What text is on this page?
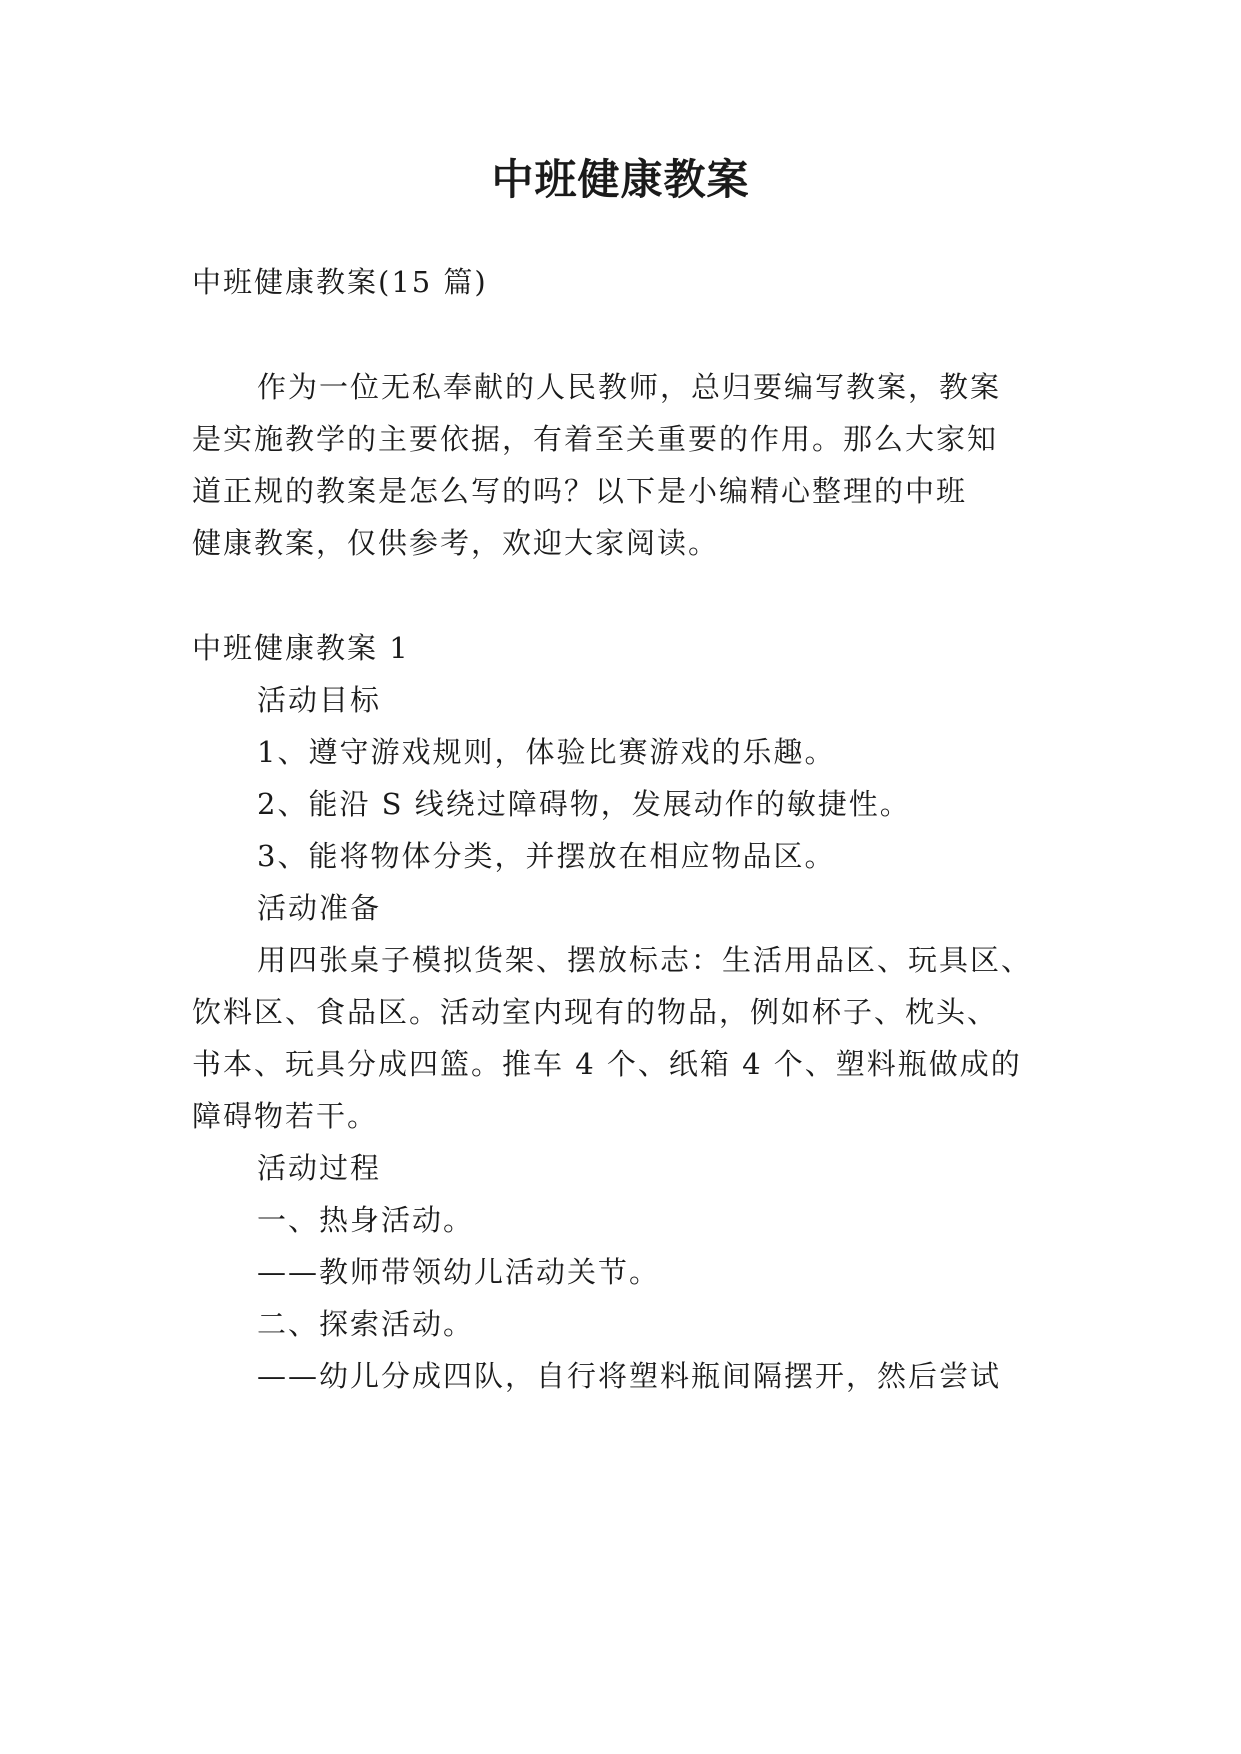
中班健康教案
中班健康教案(15 篇)
作为一位无私奉献的人民教师，总归要编写教案，教案
是实施教学的主要依据，有着至关重要的作用。那么大家知
道正规的教案是怎么写的吗？以下是小编精心整理的中班
健康教案，仅供参考，欢迎大家阅读。
中班健康教案 1
活动目标
1、遵守游戏规则，体验比赛游戏的乐趣。
2、能沿 S 线绕过障碍物，发展动作的敏捷性。
3、能将物体分类，并摆放在相应物品区。
活动准备
用四张桌子模拟货架、摆放标志：生活用品区、玩具区、
饮料区、食品区。活动室内现有的物品，例如杯子、枕头、
书本、玩具分成四篮。推车 4 个、纸箱 4 个、塑料瓶做成的
障碍物若干。
活动过程
一、热身活动。
——教师带领幼儿活动关节。
二、探索活动。
——幼儿分成四队，自行将塑料瓶间隔摆开，然后尝试
